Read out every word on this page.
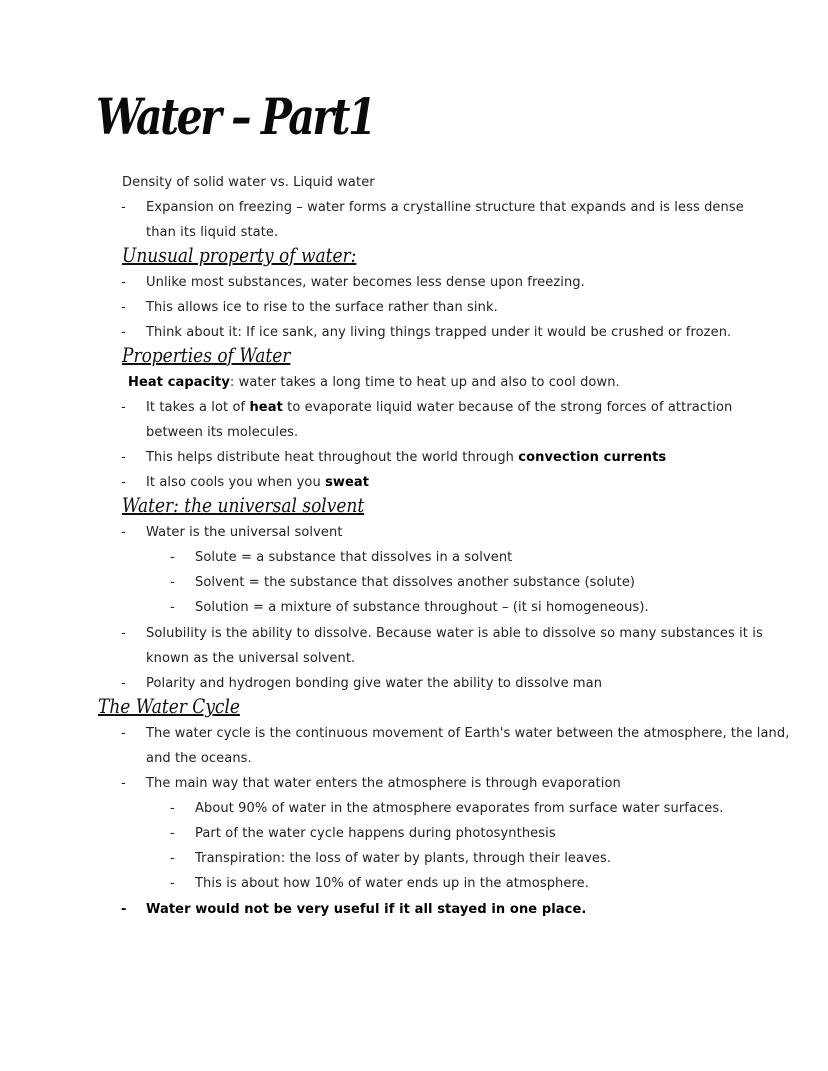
Water – Part1
Density of solid water vs. Liquid water
- Expansion on freezing – water forms a crystalline structure that expands and is less dense
than its liquid state.
Unusual property of water:
- Unlike most substances, water becomes less dense upon freezing.
- This allows ice to rise to the surface rather than sink.
- Think about it: If ice sank, any living things trapped under it would be crushed or frozen.
Properties of Water
Heat capacity: water takes a long time to heat up and also to cool down.
- It takes a lot of heat to evaporate liquid water because of the strong forces of attraction
between its molecules.
- This helps distribute heat throughout the world through convection currents
- It also cools you when you sweat
Water: the universal solvent
- Water is the universal solvent
- Solute = a substance that dissolves in a solvent
- Solvent = the substance that dissolves another substance (solute)
- Solution = a mixture of substance throughout – (it si homogeneous).
- Solubility is the ability to dissolve. Because water is able to dissolve so many substances it is
known as the universal solvent.
- Polarity and hydrogen bonding give water the ability to dissolve man
The Water Cycle
- The water cycle is the continuous movement of Earth's water between the atmosphere, the land,
and the oceans.
- The main way that water enters the atmosphere is through evaporation
- About 90% of water in the atmosphere evaporates from surface water surfaces.
- Part of the water cycle happens during photosynthesis
- Transpiration: the loss of water by plants, through their leaves.
- This is about how 10% of water ends up in the atmosphere.
- Water would not be very useful if it all stayed in one place.
